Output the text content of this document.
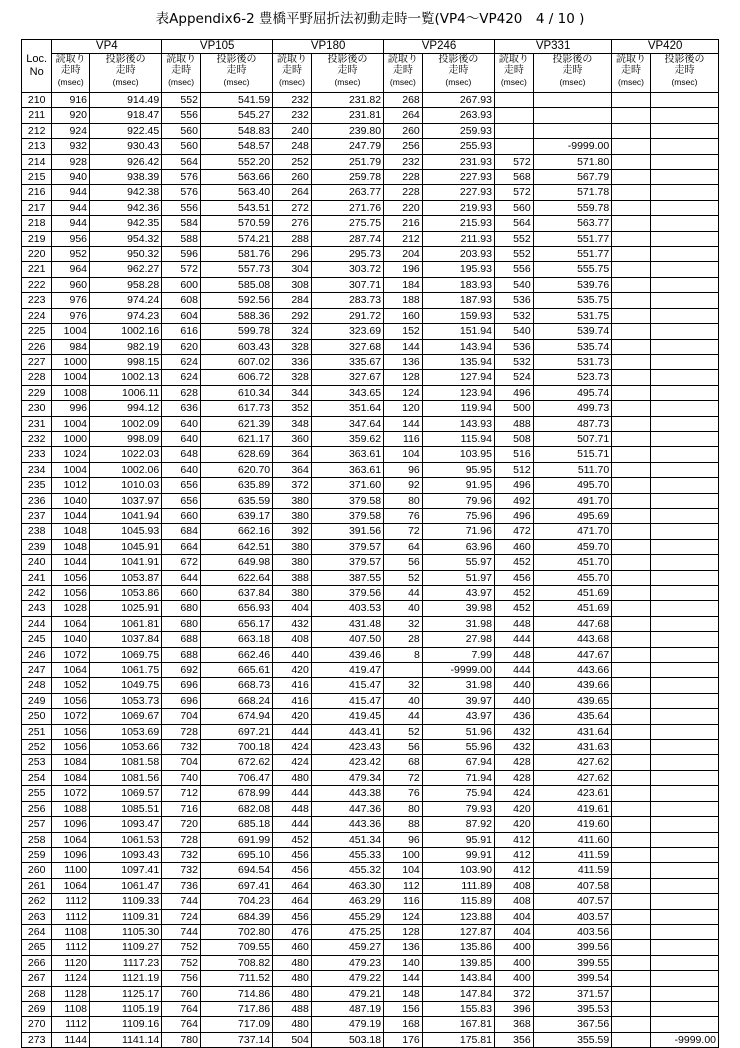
表Appendix6-2 豊橋平野屈折法初動走時一覧(VP4～VP420　4 / 10 )
Loc.
No	VP4		VP105		VP180		VP246		VP331		VP420	
	読取り
走時
(msec)	投影後の
走時
(msec)	読取り
走時
(msec)	投影後の
走時
(msec)	読取り
走時
(msec)	投影後の
走時
(msec)	読取り
走時
(msec)	投影後の
走時
(msec)	読取り
走時
(msec)	投影後の
走時
(msec)	読取り
走時
(msec)	投影後の
走時
(msec)

210	916	914.49	552	541.59	232	231.82	268	267.93				
211	920	918.47	556	545.27	232	231.81	264	263.93				
212	924	922.45	560	548.83	240	239.80	260	259.93				
213	932	930.43	560	548.57	248	247.79	256	255.93		-9999.00		
214	928	926.42	564	552.20	252	251.79	232	231.93	572	571.80		
215	940	938.39	576	563.66	260	259.78	228	227.93	568	567.79		
216	944	942.38	576	563.40	264	263.77	228	227.93	572	571.78		
217	944	942.36	556	543.51	272	271.76	220	219.93	560	559.78		
218	944	942.35	584	570.59	276	275.75	216	215.93	564	563.77		
219	956	954.32	588	574.21	288	287.74	212	211.93	552	551.77		
220	952	950.32	596	581.76	296	295.73	204	203.93	552	551.77		
221	964	962.27	572	557.73	304	303.72	196	195.93	556	555.75		
222	960	958.28	600	585.08	308	307.71	184	183.93	540	539.76		
223	976	974.24	608	592.56	284	283.73	188	187.93	536	535.75		
224	976	974.23	604	588.36	292	291.72	160	159.93	532	531.75		
225	1004	1002.16	616	599.78	324	323.69	152	151.94	540	539.74		
226	984	982.19	620	603.43	328	327.68	144	143.94	536	535.74		
227	1000	998.15	624	607.02	336	335.67	136	135.94	532	531.73		
228	1004	1002.13	624	606.72	328	327.67	128	127.94	524	523.73		
229	1008	1006.11	628	610.34	344	343.65	124	123.94	496	495.74		
230	996	994.12	636	617.73	352	351.64	120	119.94	500	499.73		
231	1004	1002.09	640	621.39	348	347.64	144	143.93	488	487.73		
232	1000	998.09	640	621.17	360	359.62	116	115.94	508	507.71		
233	1024	1022.03	648	628.69	364	363.61	104	103.95	516	515.71		
234	1004	1002.06	640	620.70	364	363.61	96	95.95	512	511.70		
235	1012	1010.03	656	635.89	372	371.60	92	91.95	496	495.70		
236	1040	1037.97	656	635.59	380	379.58	80	79.96	492	491.70		
237	1044	1041.94	660	639.17	380	379.58	76	75.96	496	495.69		
238	1048	1045.93	684	662.16	392	391.56	72	71.96	472	471.70		
239	1048	1045.91	664	642.51	380	379.57	64	63.96	460	459.70		
240	1044	1041.91	672	649.98	380	379.57	56	55.97	452	451.70		
241	1056	1053.87	644	622.64	388	387.55	52	51.97	456	455.70		
242	1056	1053.86	660	637.84	380	379.56	44	43.97	452	451.69		
243	1028	1025.91	680	656.93	404	403.53	40	39.98	452	451.69		
244	1064	1061.81	680	656.17	432	431.48	32	31.98	448	447.68		
245	1040	1037.84	688	663.18	408	407.50	28	27.98	444	443.68		
246	1072	1069.75	688	662.46	440	439.46	8	7.99	448	447.67		
247	1064	1061.75	692	665.61	420	419.47		-9999.00	444	443.66		
248	1052	1049.75	696	668.73	416	415.47	32	31.98	440	439.66		
249	1056	1053.73	696	668.24	416	415.47	40	39.97	440	439.65		
250	1072	1069.67	704	674.94	420	419.45	44	43.97	436	435.64		
251	1056	1053.69	728	697.21	444	443.41	52	51.96	432	431.64		
252	1056	1053.66	732	700.18	424	423.43	56	55.96	432	431.63		
253	1084	1081.58	704	672.62	424	423.42	68	67.94	428	427.62		
254	1084	1081.56	740	706.47	480	479.34	72	71.94	428	427.62		
255	1072	1069.57	712	678.99	444	443.38	76	75.94	424	423.61		
256	1088	1085.51	716	682.08	448	447.36	80	79.93	420	419.61		
257	1096	1093.47	720	685.18	444	443.36	88	87.92	420	419.60		
258	1064	1061.53	728	691.99	452	451.34	96	95.91	412	411.60		
259	1096	1093.43	732	695.10	456	455.33	100	99.91	412	411.59		
260	1100	1097.41	732	694.54	456	455.32	104	103.90	412	411.59		
261	1064	1061.47	736	697.41	464	463.30	112	111.89	408	407.58		
262	1112	1109.33	744	704.23	464	463.29	116	115.89	408	407.57		
263	1112	1109.31	724	684.39	456	455.29	124	123.88	404	403.57		
264	1108	1105.30	744	702.80	476	475.25	128	127.87	404	403.56		
265	1112	1109.27	752	709.55	460	459.27	136	135.86	400	399.56		
266	1120	1117.23	752	708.82	480	479.23	140	139.85	400	399.55		
267	1124	1121.19	756	711.52	480	479.22	144	143.84	400	399.54		
268	1128	1125.17	760	714.86	480	479.21	148	147.84	372	371.57		
269	1108	1105.19	764	717.86	488	487.19	156	155.83	396	395.53		
270	1112	1109.16	764	717.09	480	479.19	168	167.81	368	367.56		
273	1144	1141.14	780	737.14	504	503.18	176	175.81	356	355.59		-9999.00
